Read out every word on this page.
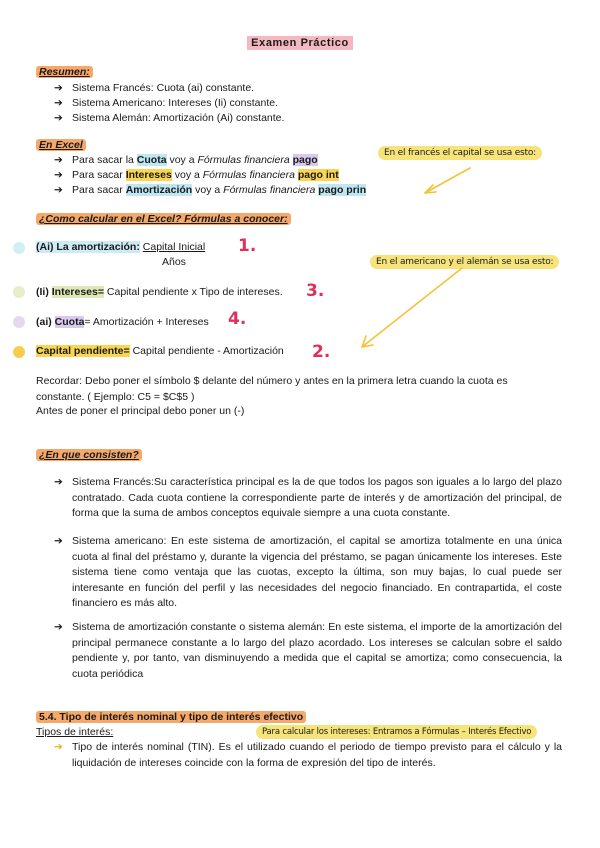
Examen Práctico
Resumen:
➔ Sistema Francés: Cuota (ai) constante.
➔ Sistema Americano: Intereses (Ii) constante.
➔ Sistema Alemán: Amortización (Ai) constante.
En Excel
➔ Para sacar la Cuota voy a Fórmulas financiera pago
➔ Para sacar Intereses voy a Fórmulas financiera pago int
➔ Para sacar Amortización voy a Fórmulas financiera pago prin
En el francés el capital se usa esto:
¿Como calcular en el Excel? Fórmulas a conocer:
En el americano y el alemán se usa esto:
(Ai) La amortización: Capital Inicial
Años
1.
(Ii) Intereses= Capital pendiente x Tipo de intereses. 3.
(ai) Cuota= Amortización + Intereses 4.
Capital pendiente= Capital pendiente - Amortización 2.
Recordar: Debo poner el símbolo $ delante del número y antes en la primera letra cuando la cuota es constante. ( Ejemplo: C5 = $C$5 )
Antes de poner el principal debo poner un (-)
¿En que consisten?
➔ Sistema Francés:Su característica principal es la de que todos los pagos son iguales a lo largo del plazo contratado. Cada cuota contiene la correspondiente parte de interés y de amortización del principal, de forma que la suma de ambos conceptos equivale siempre a una cuota constante.
➔ Sistema americano: En este sistema de amortización, el capital se amortiza totalmente en una única cuota al final del préstamo y, durante la vigencia del préstamo, se pagan únicamente los intereses. Este sistema tiene como ventaja que las cuotas, excepto la última, son muy bajas, lo cual puede ser interesante en función del perfil y las necesidades del negocio financiado. En contrapartida, el coste financiero es más alto.
➔ Sistema de amortización constante o sistema alemán: En este sistema, el importe de la amortización del principal permanece constante a lo largo del plazo acordado. Los intereses se calculan sobre el saldo pendiente y, por tanto, van disminuyendo a medida que el capital se amortiza; como consecuencia, la cuota periódica
5.4. Tipo de interés nominal y tipo de interés efectivo
Tipos de interés:	Para calcular los intereses: Entramos a Fórmulas – Interés Efectivo
➔ Tipo de interés nominal (TIN). Es el utilizado cuando el periodo de tiempo previsto para el cálculo y la liquidación de intereses coincide con la forma de expresión del tipo de interés.
